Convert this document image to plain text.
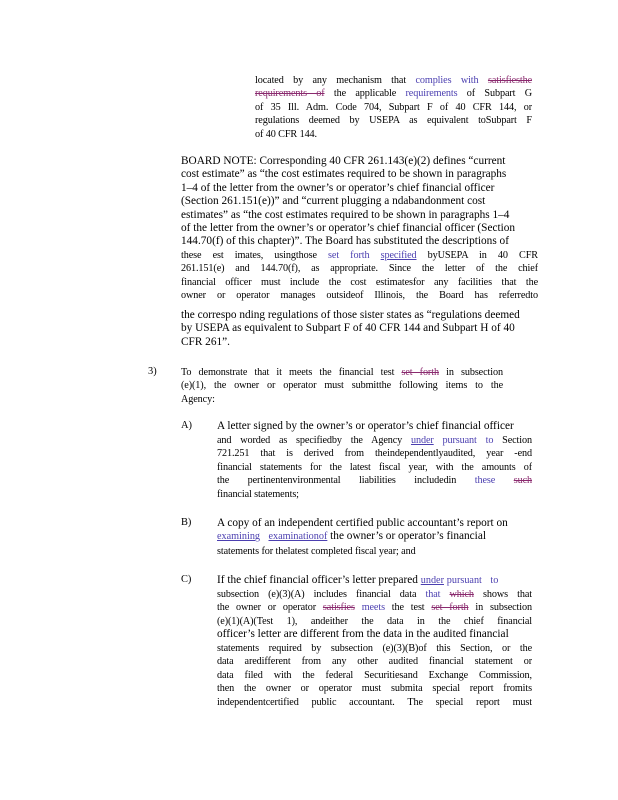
located by any mechanism that complies with satisfiesthe
requirements of the applicable requirements of Subpart G
of 35 Ill. Adm. Code 704, Subpart F of 40 CFR 144, or
regulations deemed by USEPA as equivalent toSubpart F
of 40 CFR 144.
BOARD NOTE: Corresponding 40 CFR 261.143(e)(2) defines “current
cost estimate” as “the cost estimates required to be shown in paragraphs
1–4 of the letter from the owner’s or operator’s chief financial officer
(Section 261.151(e))” and “current plugging a ndabandonment cost
estimates” as “the cost estimates required to be shown in paragraphs 1–4
of the letter from the owner’s or operator’s chief financial officer (Section
144.70(f) of this chapter)”. The Board has substituted the descriptions of
these est imates, usingthose set forth specified byUSEPA in 40 CFR
261.151(e) and 144.70(f), as appropriate. Since the letter of the chief
financial officer must include the cost estimatesfor any facilities that the
owner or operator manages outsideof Illinois, the Board has referredto
the correspo nding regulations of those sister states as “regulations deemed
by USEPA as equivalent to Subpart F of 40 CFR 144 and Subpart H of 40
CFR 261”.
3) To demonstrate that it meets the financial test set forth in subsection
(e)(1), the owner or operator must submitthe following items to the
Agency:
A) A letter signed by the owner’s or operator’s chief financial officer
and worded as specifiedby the Agency under pursuant to Section
721.251 that is derived from theindependentlyaudited, year -end
financial statements for the latest fiscal year, with the amounts of
the pertinentenvironmental liabilities includedin these such
financial statements;
B) A copy of an independent certified public accountant’s report on
examining examinationof the owner’s or operator’s financial
statements for thelatest completed fiscal year; and
C) If the chief financial officer’s letter prepared under pursuant to
subsection (e)(3)(A) includes financial data that which shows that
the owner or operator satisfies meets the test set forth in subsection
(e)(1)(A)(Test 1), andeither the data in the chief financial
officer’s letter are different from the data in the audited financial
statements required by subsection (e)(3)(B)of this Section, or the
data aredifferent from any other audited financial statement or
data filed with the federal Securitiesand Exchange Commission,
then the owner or operator must submita special report fromits
independentcertified public accountant. The special report must
